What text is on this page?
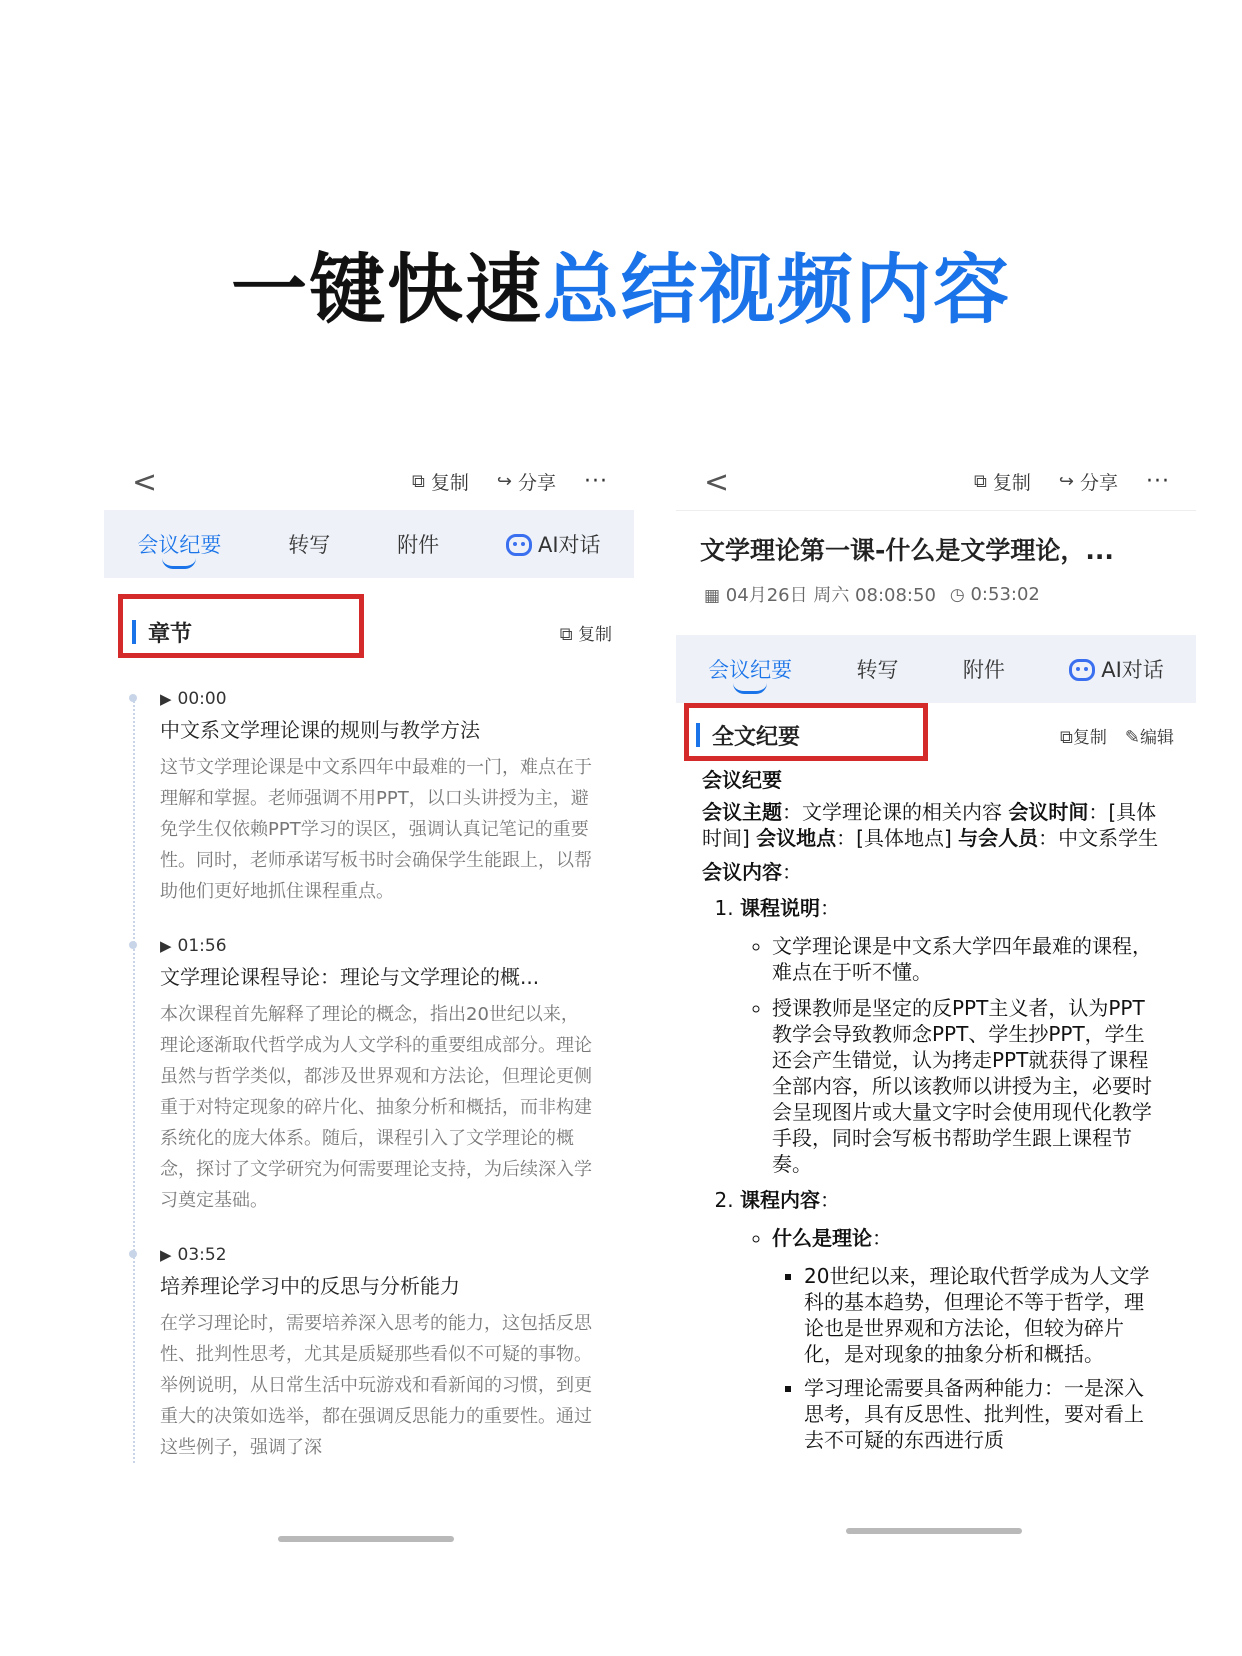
一键快速总结视频内容
<	⧉ 复制 ↪ 分享 ···
会议纪要	转写	附件	AI对话
章节	⧉ 复制
▶ 00:00
中文系文学理论课的规则与教学方法
这节文学理论课是中文系四年中最难的一门，难点在于理解和掌握。老师强调不用PPT，以口头讲授为主，避免学生仅依赖PPT学习的误区，强调认真记笔记的重要性。同时，老师承诺写板书时会确保学生能跟上，以帮助他们更好地抓住课程重点。
▶ 01:56
文学理论课程导论：理论与文学理论的概...
本次课程首先解释了理论的概念，指出20世纪以来，理论逐渐取代哲学成为人文学科的重要组成部分。理论虽然与哲学类似，都涉及世界观和方法论，但理论更侧重于对特定现象的碎片化、抽象分析和概括，而非构建系统化的庞大体系。随后，课程引入了文学理论的概念，探讨了文学研究为何需要理论支持，为后续深入学习奠定基础。
▶ 03:52
培养理论学习中的反思与分析能力
在学习理论时，需要培养深入思考的能力，这包括反思性、批判性思考，尤其是质疑那些看似不可疑的事物。举例说明，从日常生活中玩游戏和看新闻的习惯，到更重大的决策如选举，都在强调反思能力的重要性。通过这些例子，强调了深
<	⧉ 复制 ↪ 分享 ···
文学理论第一课-什么是文学理论，...
▦ 04月26日 周六 08:08:50 ◷ 0:53:02
会议纪要	转写	附件	AI对话
全文纪要	⧉复制 ✎编辑
会议纪要

会议主题：文学理论课的相关内容 会议时间：[具体时间] 会议地点：[具体地点] 与会人员：中文系学生

会议内容：
1. 课程说明：
◦ 文学理论课是中文系大学四年最难的课程，难点在于听不懂。
◦ 授课教师是坚定的反PPT主义者，认为PPT教学会导致教师念PPT、学生抄PPT，学生还会产生错觉，认为拷走PPT就获得了课程全部内容，所以该教师以讲授为主，必要时会呈现图片或大量文字时会使用现代化教学手段，同时会写板书帮助学生跟上课程节奏。
2. 课程内容：
◦ 什么是理论：
▪ 20世纪以来，理论取代哲学成为人文学科的基本趋势，但理论不等于哲学，理论也是世界观和方法论，但较为碎片化，是对现象的抽象分析和概括。
▪ 学习理论需要具备两种能力：一是深入思考，具有反思性、批判性，要对看上去不可疑的东西进行质
